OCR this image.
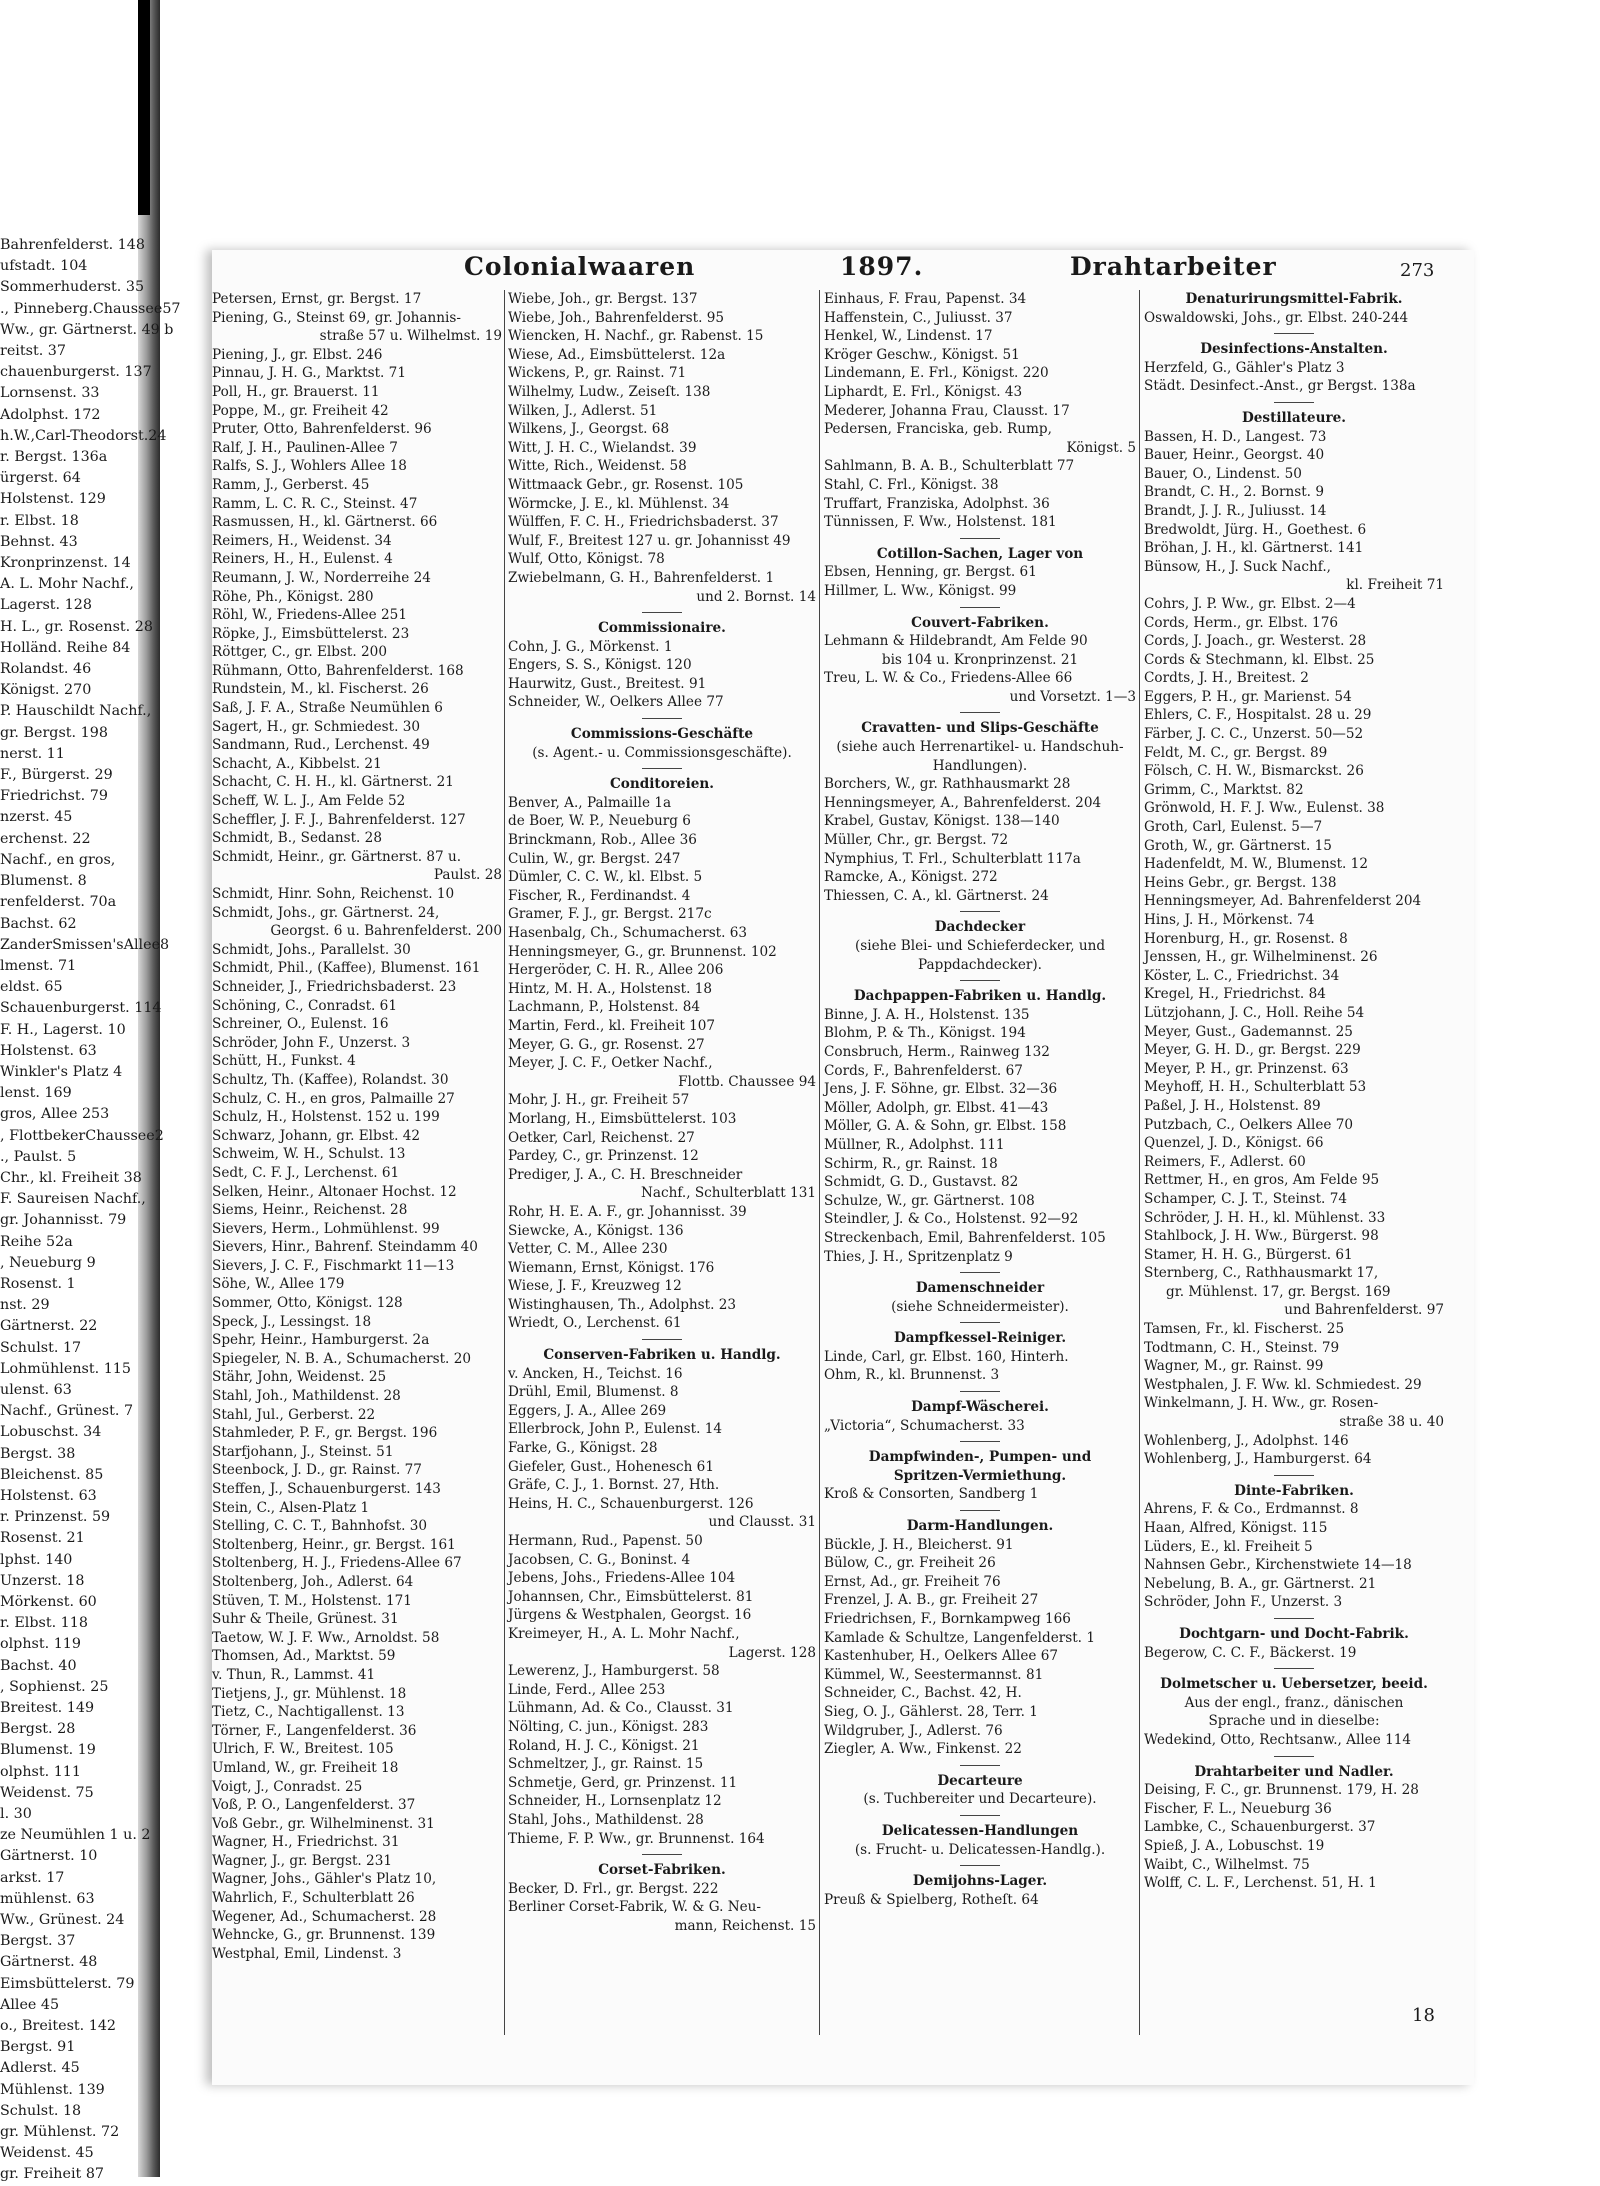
Bahrenfelderst. 148
ufstadt. 104
Sommerhuderst. 35
., Pinneberg.Chaussee57
Ww., gr. Gärtnerst. 49 b
reitst. 37
chauenburgerst. 137
Lornsenst. 33
Adolphst. 172
h.W.,Carl-Theodorst.24
r. Bergst. 136a
ürgerst. 64
Holstenst. 129
r. Elbst. 18
Behnst. 43
Kronprinzenst. 14
A. L. Mohr Nachf.,
Lagerst. 128
H. L., gr. Rosenst. 28
Holländ. Reihe 84
Rolandst. 46
Königst. 270
P. Hauschildt Nachf.,
gr. Bergst. 198
nerst. 11
F., Bürgerst. 29
Friedrichst. 79
nzerst. 45
erchenst. 22
Nachf., en gros,
Blumenst. 8
renfelderst. 70a
Bachst. 62
ZanderSmissen'sAllee8
lmenst. 71
eldst. 65
Schauenburgerst. 114
F. H., Lagerst. 10
Holstenst. 63
Winkler's Platz 4
lenst. 169
gros, Allee 253
, FlottbekerChaussee2
., Paulst. 5
Chr., kl. Freiheit 38
F. Saureisen Nachf.,
gr. Johannisst. 79
Reihe 52a
, Neueburg 9
Rosenst. 1
nst. 29
Gärtnerst. 22
Schulst. 17
Lohmühlenst. 115
ulenst. 63
Nachf., Grünest. 7
Lobuschst. 34
Bergst. 38
Bleichenst. 85
Holstenst. 63
r. Prinzenst. 59
Rosenst. 21
lphst. 140
Unzerst. 18
Mörkenst. 60
r. Elbst. 118
olphst. 119
Bachst. 40
, Sophienst. 25
Breitest. 149
Bergst. 28
Blumenst. 19
olphst. 111
Weidenst. 75
l. 30
ze Neumühlen 1 u. 2
Gärtnerst. 10
arkst. 17
mühlenst. 63
Ww., Grünest. 24
Bergst. 37
Gärtnerst. 48
Eimsbüttelerst. 79
Allee 45
o., Breitest. 142
Bergst. 91
Adlerst. 45
Mühlenst. 139
Schulst. 18
gr. Mühlenst. 72
Weidenst. 45
gr. Freiheit 87
Colonialwaaren	1897.	Drahtarbeiter	273
Petersen, Ernst, gr. Bergst. 17
Piening, G., Steinst 69, gr. Johannis-
straße 57 u. Wilhelmst. 19
Piening, J., gr. Elbst. 246
Pinnau, J. H. G., Marktst. 71
Poll, H., gr. Brauerst. 11
Poppe, M., gr. Freiheit 42
Pruter, Otto, Bahrenfelderst. 96
Ralf, J. H., Paulinen-Allee 7
Ralfs, S. J., Wohlers Allee 18
Ramm, J., Gerberst. 45
Ramm, L. C. R. C., Steinst. 47
Rasmussen, H., kl. Gärtnerst. 66
Reimers, H., Weidenst. 34
Reiners, H., H., Eulenst. 4
Reumann, J. W., Norderreihe 24
Röhe, Ph., Königst. 280
Röhl, W., Friedens-Allee 251
Röpke, J., Eimsbüttelerst. 23
Röttger, C., gr. Elbst. 200
Rühmann, Otto, Bahrenfelderst. 168
Rundstein, M., kl. Fischerst. 26
Saß, J. F. A., Straße Neumühlen 6
Sagert, H., gr. Schmiedest. 30
Sandmann, Rud., Lerchenst. 49
Schacht, A., Kibbelst. 21
Schacht, C. H. H., kl. Gärtnerst. 21
Scheff, W. L. J., Am Felde 52
Scheffler, J. F. J., Bahrenfelderst. 127
Schmidt, B., Sedanst. 28
Schmidt, Heinr., gr. Gärtnerst. 87 u.
Paulst. 28
Schmidt, Hinr. Sohn, Reichenst. 10
Schmidt, Johs., gr. Gärtnerst. 24,
Georgst. 6 u. Bahrenfelderst. 200
Schmidt, Johs., Parallelst. 30
Schmidt, Phil., (Kaffee), Blumenst. 161
Schneider, J., Friedrichsbaderst. 23
Schöning, C., Conradst. 61
Schreiner, O., Eulenst. 16
Schröder, John F., Unzerst. 3
Schütt, H., Funkst. 4
Schultz, Th. (Kaffee), Rolandst. 30
Schulz, C. H., en gros, Palmaille 27
Schulz, H., Holstenst. 152 u. 199
Schwarz, Johann, gr. Elbst. 42
Schweim, W. H., Schulst. 13
Sedt, C. F. J., Lerchenst. 61
Selken, Heinr., Altonaer Hochst. 12
Siems, Heinr., Reichenst. 28
Sievers, Herm., Lohmühlenst. 99
Sievers, Hinr., Bahrenf. Steindamm 40
Sievers, J. C. F., Fischmarkt 11—13
Söhe, W., Allee 179
Sommer, Otto, Königst. 128
Speck, J., Lessingst. 18
Spehr, Heinr., Hamburgerst. 2a
Spiegeler, N. B. A., Schumacherst. 20
Stähr, John, Weidenst. 25
Stahl, Joh., Mathildenst. 28
Stahl, Jul., Gerberst. 22
Stahmleder, P. F., gr. Bergst. 196
Starfjohann, J., Steinst. 51
Steenbock, J. D., gr. Rainst. 77
Steffen, J., Schauenburgerst. 143
Stein, C., Alsen-Platz 1
Stelling, C. C. T., Bahnhofst. 30
Stoltenberg, Heinr., gr. Bergst. 161
Stoltenberg, H. J., Friedens-Allee 67
Stoltenberg, Joh., Adlerst. 64
Stüven, T. M., Holstenst. 171
Suhr & Theile, Grünest. 31
Taetow, W. J. F. Ww., Arnoldst. 58
Thomsen, Ad., Marktst. 59
v. Thun, R., Lammst. 41
Tietjens, J., gr. Mühlenst. 18
Tietz, C., Nachtigallenst. 13
Törner, F., Langenfelderst. 36
Ulrich, F. W., Breitest. 105
Umland, W., gr. Freiheit 18
Voigt, J., Conradst. 25
Voß, P. O., Langenfelderst. 37
Voß Gebr., gr. Wilhelminenst. 31
Wagner, H., Friedrichst. 31
Wagner, J., gr. Bergst. 231
Wagner, Johs., Gähler's Platz 10,
Wahrlich, F., Schulterblatt 26
Wegener, Ad., Schumacherst. 28
Wehncke, G., gr. Brunnenst. 139
Westphal, Emil, Lindenst. 3
Wiebe, Joh., gr. Bergst. 137
Wiebe, Joh., Bahrenfelderst. 95
Wiencken, H. Nachf., gr. Rabenst. 15
Wiese, Ad., Eimsbüttelerst. 12a
Wickens, P., gr. Rainst. 71
Wilhelmy, Ludw., Zeiseſt. 138
Wilken, J., Adlerst. 51
Wilkens, J., Georgst. 68
Witt, J. H. C., Wielandst. 39
Witte, Rich., Weidenst. 58
Wittmaack Gebr., gr. Rosenst. 105
Wörmcke, J. E., kl. Mühlenst. 34
Wülffen, F. C. H., Friedrichsbaderst. 37
Wulf, F., Breitest 127 u. gr. Johannisst 49
Wulf, Otto, Königst. 78
Zwiebelmann, G. H., Bahrenfelderst. 1
und 2. Bornst. 14
Commissionaire.
Cohn, J. G., Mörkenst. 1
Engers, S. S., Königst. 120
Haurwitz, Gust., Breitest. 91
Schneider, W., Oelkers Allee 77
Commissions-Geschäfte
(s. Agent.- u. Commissionsgeschäfte).
Conditoreien.
Benver, A., Palmaille 1a
de Boer, W. P., Neueburg 6
Brinckmann, Rob., Allee 36
Culin, W., gr. Bergst. 247
Dümler, C. C. W., kl. Elbst. 5
Fischer, R., Ferdinandst. 4
Gramer, F. J., gr. Bergst. 217c
Hasenbalg, Ch., Schumacherst. 63
Henningsmeyer, G., gr. Brunnenst. 102
Hergeröder, C. H. R., Allee 206
Hintz, M. H. A., Holstenst. 18
Lachmann, P., Holstenst. 84
Martin, Ferd., kl. Freiheit 107
Meyer, G. G., gr. Rosenst. 27
Meyer, J. C. F., Oetker Nachf.,
Flottb. Chaussee 94
Mohr, J. H., gr. Freiheit 57
Morlang, H., Eimsbüttelerst. 103
Oetker, Carl, Reichenst. 27
Pardey, C., gr. Prinzenst. 12
Prediger, J. A., C. H. Breschneider
Nachf., Schulterblatt 131
Rohr, H. E. A. F., gr. Johannisst. 39
Siewcke, A., Königst. 136
Vetter, C. M., Allee 230
Wiemann, Ernst, Königst. 176
Wiese, J. F., Kreuzweg 12
Wistinghausen, Th., Adolphst. 23
Wriedt, O., Lerchenst. 61
Conserven-Fabriken u. Handlg.
v. Ancken, H., Teichst. 16
Drühl, Emil, Blumenst. 8
Eggers, J. A., Allee 269
Ellerbrock, John P., Eulenst. 14
Farke, G., Königst. 28
Giefeler, Gust., Hohenesch 61
Gräfe, C. J., 1. Bornst. 27, Hth.
Heins, H. C., Schauenburgerst. 126
und Clausst. 31
Hermann, Rud., Papenst. 50
Jacobsen, C. G., Boninst. 4
Jebens, Johs., Friedens-Allee 104
Johannsen, Chr., Eimsbüttelerst. 81
Jürgens & Westphalen, Georgst. 16
Kreimeyer, H., A. L. Mohr Nachf.,
Lagerst. 128
Lewerenz, J., Hamburgerst. 58
Linde, Ferd., Allee 253
Lühmann, Ad. & Co., Clausst. 31
Nölting, C. jun., Königst. 283
Roland, H. J. C., Königst. 21
Schmeltzer, J., gr. Rainst. 15
Schmetje, Gerd, gr. Prinzenst. 11
Schneider, H., Lornsenplatz 12
Stahl, Johs., Mathildenst. 28
Thieme, F. P. Ww., gr. Brunnenst. 164
Corset-Fabriken.
Becker, D. Frl., gr. Bergst. 222
Berliner Corset-Fabrik, W. & G. Neu-
mann, Reichenst. 15
Einhaus, F. Frau, Papenst. 34
Haffenstein, C., Juliusst. 37
Henkel, W., Lindenst. 17
Kröger Geschw., Königst. 51
Lindemann, E. Frl., Königst. 220
Liphardt, E. Frl., Königst. 43
Mederer, Johanna Frau, Clausst. 17
Pedersen, Franciska, geb. Rump,
Königst. 5
Sahlmann, B. A. B., Schulterblatt 77
Stahl, C. Frl., Königst. 38
Truffart, Franziska, Adolphst. 36
Tünnissen, F. Ww., Holstenst. 181
Cotillon-Sachen, Lager von
Ebsen, Henning, gr. Bergst. 61
Hillmer, L. Ww., Königst. 99
Couvert-Fabriken.
Lehmann & Hildebrandt, Am Felde 90
bis 104 u. Kronprinzenst. 21
Treu, L. W. & Co., Friedens-Allee 66
und Vorsetzt. 1—3
Cravatten- und Slips-Geschäfte
(siehe auch Herrenartikel- u. Handschuh-
Handlungen).
Borchers, W., gr. Rathhausmarkt 28
Henningsmeyer, A., Bahrenfelderst. 204
Krabel, Gustav, Königst. 138—140
Müller, Chr., gr. Bergst. 72
Nymphius, T. Frl., Schulterblatt 117a
Ramcke, A., Königst. 272
Thiessen, C. A., kl. Gärtnerst. 24
Dachdecker
(siehe Blei- und Schieferdecker, und
Pappdachdecker).
Dachpappen-Fabriken u. Handlg.
Binne, J. A. H., Holstenst. 135
Blohm, P. & Th., Königst. 194
Consbruch, Herm., Rainweg 132
Cords, F., Bahrenfelderst. 67
Jens, J. F. Söhne, gr. Elbst. 32—36
Möller, Adolph, gr. Elbst. 41—43
Möller, G. A. & Sohn, gr. Elbst. 158
Müllner, R., Adolphst. 111
Schirm, R., gr. Rainst. 18
Schmidt, G. D., Gustavst. 82
Schulze, W., gr. Gärtnerst. 108
Steindler, J. & Co., Holstenst. 92—92
Streckenbach, Emil, Bahrenfelderst. 105
Thies, J. H., Spritzenplatz 9
Damenschneider
(siehe Schneidermeister).
Dampfkessel-Reiniger.
Linde, Carl, gr. Elbst. 160, Hinterh.
Ohm, R., kl. Brunnenst. 3
Dampf-Wäscherei.
„Victoria“, Schumacherst. 33
Dampfwinden-, Pumpen- und
Spritzen-Vermiethung.
Kroß & Consorten, Sandberg 1
Darm-Handlungen.
Bückle, J. H., Bleicherst. 91
Bülow, C., gr. Freiheit 26
Ernst, Ad., gr. Freiheit 76
Frenzel, J. A. B., gr. Freiheit 27
Friedrichsen, F., Bornkampweg 166
Kamlade & Schultze, Langenfelderst. 1
Kastenhuber, H., Oelkers Allee 67
Kümmel, W., Seestermannst. 81
Schneider, C., Bachst. 42, H.
Sieg, O. J., Gählerst. 28, Terr. 1
Wildgruber, J., Adlerst. 76
Ziegler, A. Ww., Finkenst. 22
Decarteure
(s. Tuchbereiter und Decarteure).
Delicatessen-Handlungen
(s. Frucht- u. Delicatessen-Handlg.).
Demijohns-Lager.
Preuß & Spielberg, Rotheſt. 64
Denaturirungsmittel-Fabrik.
Oswaldowski, Johs., gr. Elbst. 240-244
Desinfections-Anstalten.
Herzfeld, G., Gähler's Platz 3
Städt. Desinfect.-Anst., gr Bergst. 138a
Destillateure.
Bassen, H. D., Langest. 73
Bauer, Heinr., Georgst. 40
Bauer, O., Lindenst. 50
Brandt, C. H., 2. Bornst. 9
Brandt, J. J. R., Juliusst. 14
Bredwoldt, Jürg. H., Goethest. 6
Bröhan, J. H., kl. Gärtnerst. 141
Bünsow, H., J. Suck Nachf.,
kl. Freiheit 71
Cohrs, J. P. Ww., gr. Elbst. 2—4
Cords, Herm., gr. Elbst. 176
Cords, J. Joach., gr. Westerst. 28
Cords & Stechmann, kl. Elbst. 25
Cordts, J. H., Breitest. 2
Eggers, P. H., gr. Marienst. 54
Ehlers, C. F., Hospitalst. 28 u. 29
Färber, J. C. C., Unzerst. 50—52
Feldt, M. C., gr. Bergst. 89
Fölsch, C. H. W., Bismarckst. 26
Grimm, C., Marktst. 82
Grönwold, H. F. J. Ww., Eulenst. 38
Groth, Carl, Eulenst. 5—7
Groth, W., gr. Gärtnerst. 15
Hadenfeldt, M. W., Blumenst. 12
Heins Gebr., gr. Bergst. 138
Henningsmeyer, Ad. Bahrenfelderst 204
Hins, J. H., Mörkenst. 74
Horenburg, H., gr. Rosenst. 8
Jenssen, H., gr. Wilhelminenst. 26
Köster, L. C., Friedrichst. 34
Kregel, H., Friedrichst. 84
Lützjohann, J. C., Holl. Reihe 54
Meyer, Gust., Gademannst. 25
Meyer, G. H. D., gr. Bergst. 229
Meyer, P. H., gr. Prinzenst. 63
Meyhoff, H. H., Schulterblatt 53
Paßel, J. H., Holstenst. 89
Putzbach, C., Oelkers Allee 70
Quenzel, J. D., Königst. 66
Reimers, F., Adlerst. 60
Rettmer, H., en gros, Am Felde 95
Schamper, C. J. T., Steinst. 74
Schröder, J. H. H., kl. Mühlenst. 33
Stahlbock, J. H. Ww., Bürgerst. 98
Stamer, H. H. G., Bürgerst. 61
Sternberg, C., Rathhausmarkt 17,
gr. Mühlenst. 17, gr. Bergst. 169
und Bahrenfelderst. 97
Tamsen, Fr., kl. Fischerst. 25
Todtmann, C. H., Steinst. 79
Wagner, M., gr. Rainst. 99
Westphalen, J. F. Ww. kl. Schmiedest. 29
Winkelmann, J. H. Ww., gr. Rosen-
straße 38 u. 40
Wohlenberg, J., Adolphst. 146
Wohlenberg, J., Hamburgerst. 64
Dinte-Fabriken.
Ahrens, F. & Co., Erdmannst. 8
Haan, Alfred, Königst. 115
Lüders, E., kl. Freiheit 5
Nahnsen Gebr., Kirchenstwiete 14—18
Nebelung, B. A., gr. Gärtnerst. 21
Schröder, John F., Unzerst. 3
Dochtgarn- und Docht-Fabrik.
Begerow, C. C. F., Bäckerst. 19
Dolmetscher u. Uebersetzer, beeid.
Aus der engl., franz., dänischen
Sprache und in dieselbe:
Wedekind, Otto, Rechtsanw., Allee 114
Drahtarbeiter und Nadler.
Deising, F. C., gr. Brunnenst. 179, H. 28
Fischer, F. L., Neueburg 36
Lambke, C., Schauenburgerst. 37
Spieß, J. A., Lobuschst. 19
Waibt, C., Wilhelmst. 75
Wolff, C. L. F., Lerchenst. 51, H. 1
18
